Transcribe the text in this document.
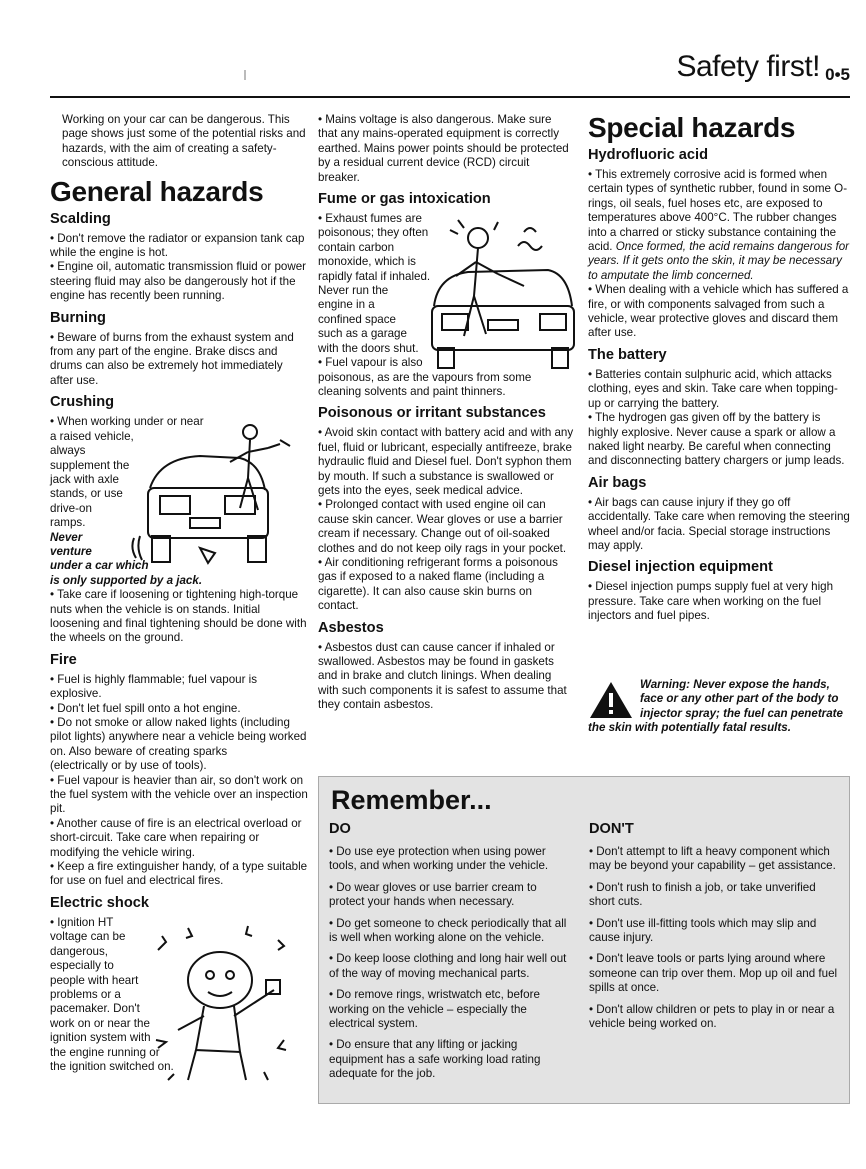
Safety first! 0•5

Working on your car can be dangerous. This page shows just some of the potential risks and hazards, with the aim of creating a safety-conscious attitude.

General hazards
Scalding

• Don't remove the radiator or expansion tank cap while the engine is hot.

• Engine oil, automatic transmission fluid or power steering fluid may also be dangerously hot if the engine has recently been running.

Burning

• Beware of burns from the exhaust system and from any part of the engine. Brake discs and drums can also be extremely hot immediately after use.

Crushing

• When working under or near

a raised vehicle,

always

supplement the

jack with axle

stands, or use

drive-on

ramps.

Never

venture

under a car which

is only supported by a jack.

• Take care if loosening or tightening high-torque nuts when the vehicle is on stands. Initial loosening and final tightening should be done with the wheels on the ground.

Fire

• Fuel is highly flammable; fuel vapour is explosive.

• Don't let fuel spill onto a hot engine.

• Do not smoke or allow naked lights (including pilot lights) anywhere near a vehicle being worked on. Also beware of creating sparks

(electrically or by use of tools).

• Fuel vapour is heavier than air, so don't work on the fuel system with the vehicle over an inspection pit.

• Another cause of fire is an electrical overload or short-circuit. Take care when repairing or modifying the vehicle wiring.

• Keep a fire extinguisher handy, of a type suitable for use on fuel and electrical fires.

Electric shock

• Ignition HT

voltage can be

dangerous,

especially to

people with heart

problems or a

pacemaker. Don't

work on or near the

ignition system with

the engine running or

the ignition switched on.

• Mains voltage is also dangerous. Make sure that any mains-operated equipment is correctly earthed. Mains power points should be protected by a residual current device (RCD) circuit breaker.

Fume or gas intoxication

• Exhaust fumes are

poisonous; they often

contain carbon

monoxide, which is

rapidly fatal if inhaled.

Never run the

engine in a

confined space

such as a garage

with the doors shut.

• Fuel vapour is also

poisonous, as are the vapours from some cleaning solvents and paint thinners.

Poisonous or irritant substances

• Avoid skin contact with battery acid and with any fuel, fluid or lubricant, especially antifreeze, brake hydraulic fluid and Diesel fuel. Don't syphon them by mouth. If such a substance is swallowed or gets into the eyes, seek medical advice.

• Prolonged contact with used engine oil can cause skin cancer. Wear gloves or use a barrier cream if necessary. Change out of oil-soaked clothes and do not keep oily rags in your pocket.

• Air conditioning refrigerant forms a poisonous gas if exposed to a naked flame (including a cigarette). It can also cause skin burns on contact.

Asbestos

• Asbestos dust can cause cancer if inhaled or swallowed. Asbestos may be found in gaskets and in brake and clutch linings. When dealing with such components it is safest to assume that they contain asbestos.

Special hazards
Hydrofluoric acid

• This extremely corrosive acid is formed when certain types of synthetic rubber, found in some O-rings, oil seals, fuel hoses etc, are exposed to temperatures above 400°C. The rubber changes into a charred or sticky substance containing the acid. Once formed, the acid remains dangerous for years. If it gets onto the skin, it may be necessary to amputate the limb concerned.

• When dealing with a vehicle which has suffered a fire, or with components salvaged from such a vehicle, wear protective gloves and discard them after use.

The battery

• Batteries contain sulphuric acid, which attacks clothing, eyes and skin. Take care when topping-up or carrying the battery.

• The hydrogen gas given off by the battery is highly explosive. Never cause a spark or allow a naked light nearby. Be careful when connecting and disconnecting battery chargers or jump leads.

Air bags

• Air bags can cause injury if they go off accidentally. Take care when removing the steering wheel and/or facia. Special storage instructions may apply.

Diesel injection equipment

• Diesel injection pumps supply fuel at very high pressure. Take care when working on the fuel injectors and fuel pipes.

Warning: Never expose the hands, face or any other part of the body to injector spray; the fuel can penetrate the skin with potentially fatal results.
Remember...
DO
• Do use eye protection when using power tools, and when working under the vehicle.
• Do wear gloves or use barrier cream to protect your hands when necessary.
• Do get someone to check periodically that all is well when working alone on the vehicle.
• Do keep loose clothing and long hair well out of the way of moving mechanical parts.
• Do remove rings, wristwatch etc, before working on the vehicle – especially the electrical system.
• Do ensure that any lifting or jacking equipment has a safe working load rating adequate for the job.
DON'T
• Don't attempt to lift a heavy component which may be beyond your capability – get assistance.
• Don't rush to finish a job, or take unverified short cuts.
• Don't use ill-fitting tools which may slip and cause injury.
• Don't leave tools or parts lying around where someone can trip over them. Mop up oil and fuel spills at once.
• Don't allow children or pets to play in or near a vehicle being worked on.
